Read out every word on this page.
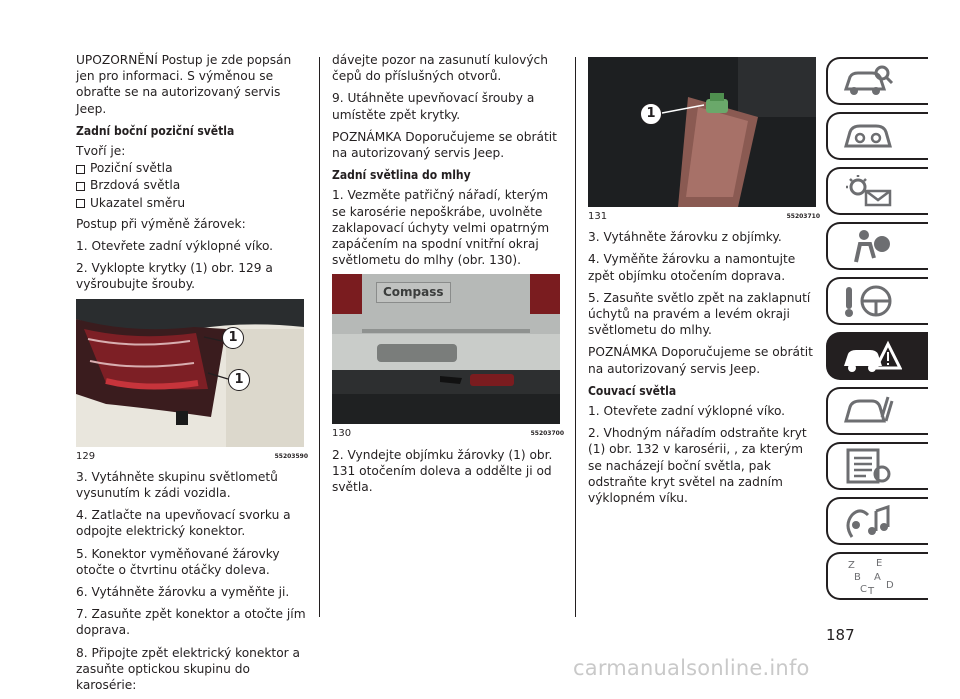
UPOZORNĚNÍ Postup je zde popsán jen pro informaci. S výměnou se obraťte se na autorizovaný servis Jeep.

Zadní boční poziční světla

Tvoří je:

Poziční světla
Brzdová světla
Ukazatel směru

Postup při výměně žárovek:

1. Otevřete zadní výklopné víko.

2. Vyklopte krytky (1) obr. 129 a vyšroubujte šrouby.

1
1
129	55203590

3. Vytáhněte skupinu světlometů vysunutím k zádi vozidla.

4. Zatlačte na upevňovací svorku a odpojte elektrický konektor.

5. Konektor vyměňované žárovky otočte o čtvrtinu otáčky doleva.

6. Vytáhněte žárovku a vyměňte ji.

7. Zasuňte zpět konektor a otočte jím doprava.

8. Připojte zpět elektrický konektor a zasuňte optickou skupinu do karosérie:

dávejte pozor na zasunutí kulových čepů do příslušných otvorů.

9. Utáhněte upevňovací šrouby a umístěte zpět krytky.

POZNÁMKA Doporučujeme se obrátit na autorizovaný servis Jeep.

Zadní světlina do mlhy

1. Vezměte patřičný nářadí, kterým se karosérie nepoškrábe, uvolněte zaklapovací úchyty velmi opatrným zapáčením na spodní vnitřní okraj světlometu do mlhy (obr. 130).

Compass
130	55203700

2. Vyndejte objímku žárovky (1) obr. 131 otočením doleva a oddělte ji od světla.

1
131	55203710

3. Vytáhněte žárovku z objímky.

4. Vyměňte žárovku a namontujte zpět objímku otočením doprava.

5. Zasuňte světlo zpět na zaklapnutí úchytů na pravém a levém okraji světlometu do mlhy.

POZNÁMKA Doporučujeme se obrátit na autorizovaný servis Jeep.

Couvací světla

1. Otevřete zadní výklopné víko.

2. Vhodným nářadím odstraňte kryt (1) obr. 132 v karosérii, , za kterým se nacházejí boční světla, pak odstraňte kryt světel na zadním výklopném víku.

Z E
B A
C D
T
187
carmanualsonline.info
